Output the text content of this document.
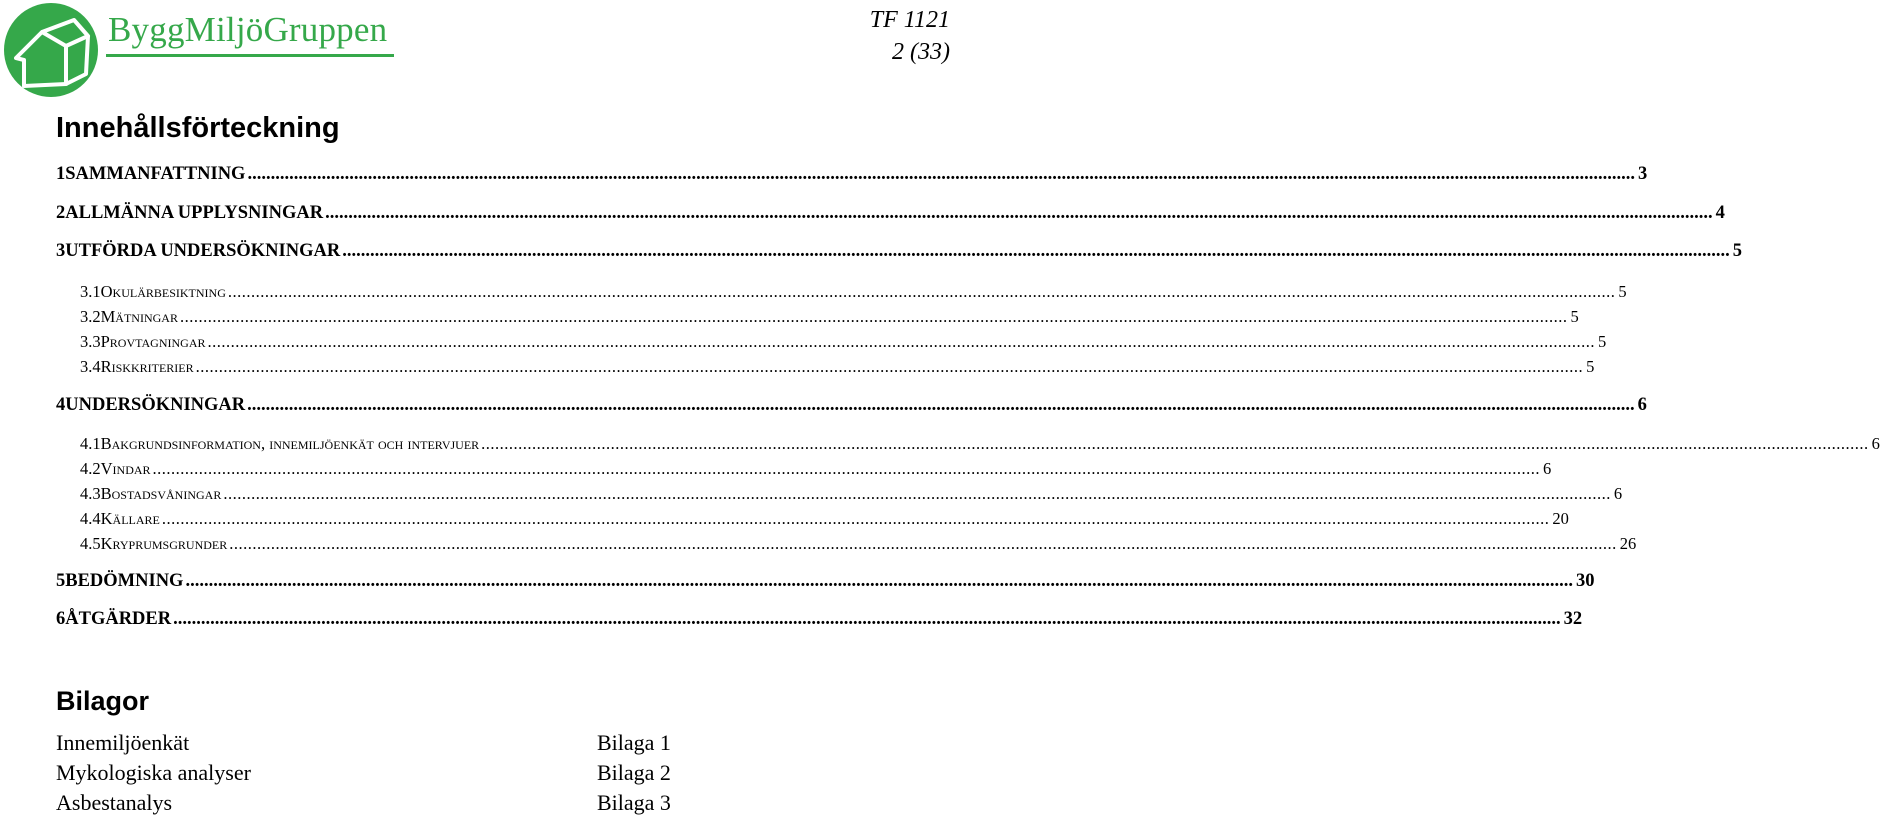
ByggMiljöGruppen	TF 1121
2 (33)
Innehållsförteckning
1 SAMMANFATTNING ............................................................................................................................................................................................................................................................................................................ 3
2 ALLMÄNNA UPPLYSNINGAR ............................................................................................................................................................................................................................................................................................................ 4
3 UTFÖRDA UNDERSÖKNINGAR ............................................................................................................................................................................................................................................................................................................ 5
3.1 Okulärbesiktning ............................................................................................................................................................................................................................................................................................................ 5
3.2 Mätningar ............................................................................................................................................................................................................................................................................................................ 5
3.3 Provtagningar ............................................................................................................................................................................................................................................................................................................ 5
3.4 Riskkriterier ............................................................................................................................................................................................................................................................................................................ 5
4 UNDERSÖKNINGAR ............................................................................................................................................................................................................................................................................................................ 6
4.1 Bakgrundsinformation, innemiljöenkät och intervjuer ............................................................................................................................................................................................................................................................................................................ 6
4.2 Vindar ............................................................................................................................................................................................................................................................................................................ 6
4.3 Bostadsvåningar ............................................................................................................................................................................................................................................................................................................ 6
4.4 Källare ............................................................................................................................................................................................................................................................................................................ 20
4.5 Kryprumsgrunder ............................................................................................................................................................................................................................................................................................................ 26
5 BEDÖMNING ............................................................................................................................................................................................................................................................................................................ 30
6 ÅTGÄRDER ............................................................................................................................................................................................................................................................................................................ 32
Bilagor
Innemiljöenkät	Bilaga 1
Mykologiska analyser	Bilaga 2
Asbestanalys	Bilaga 3
